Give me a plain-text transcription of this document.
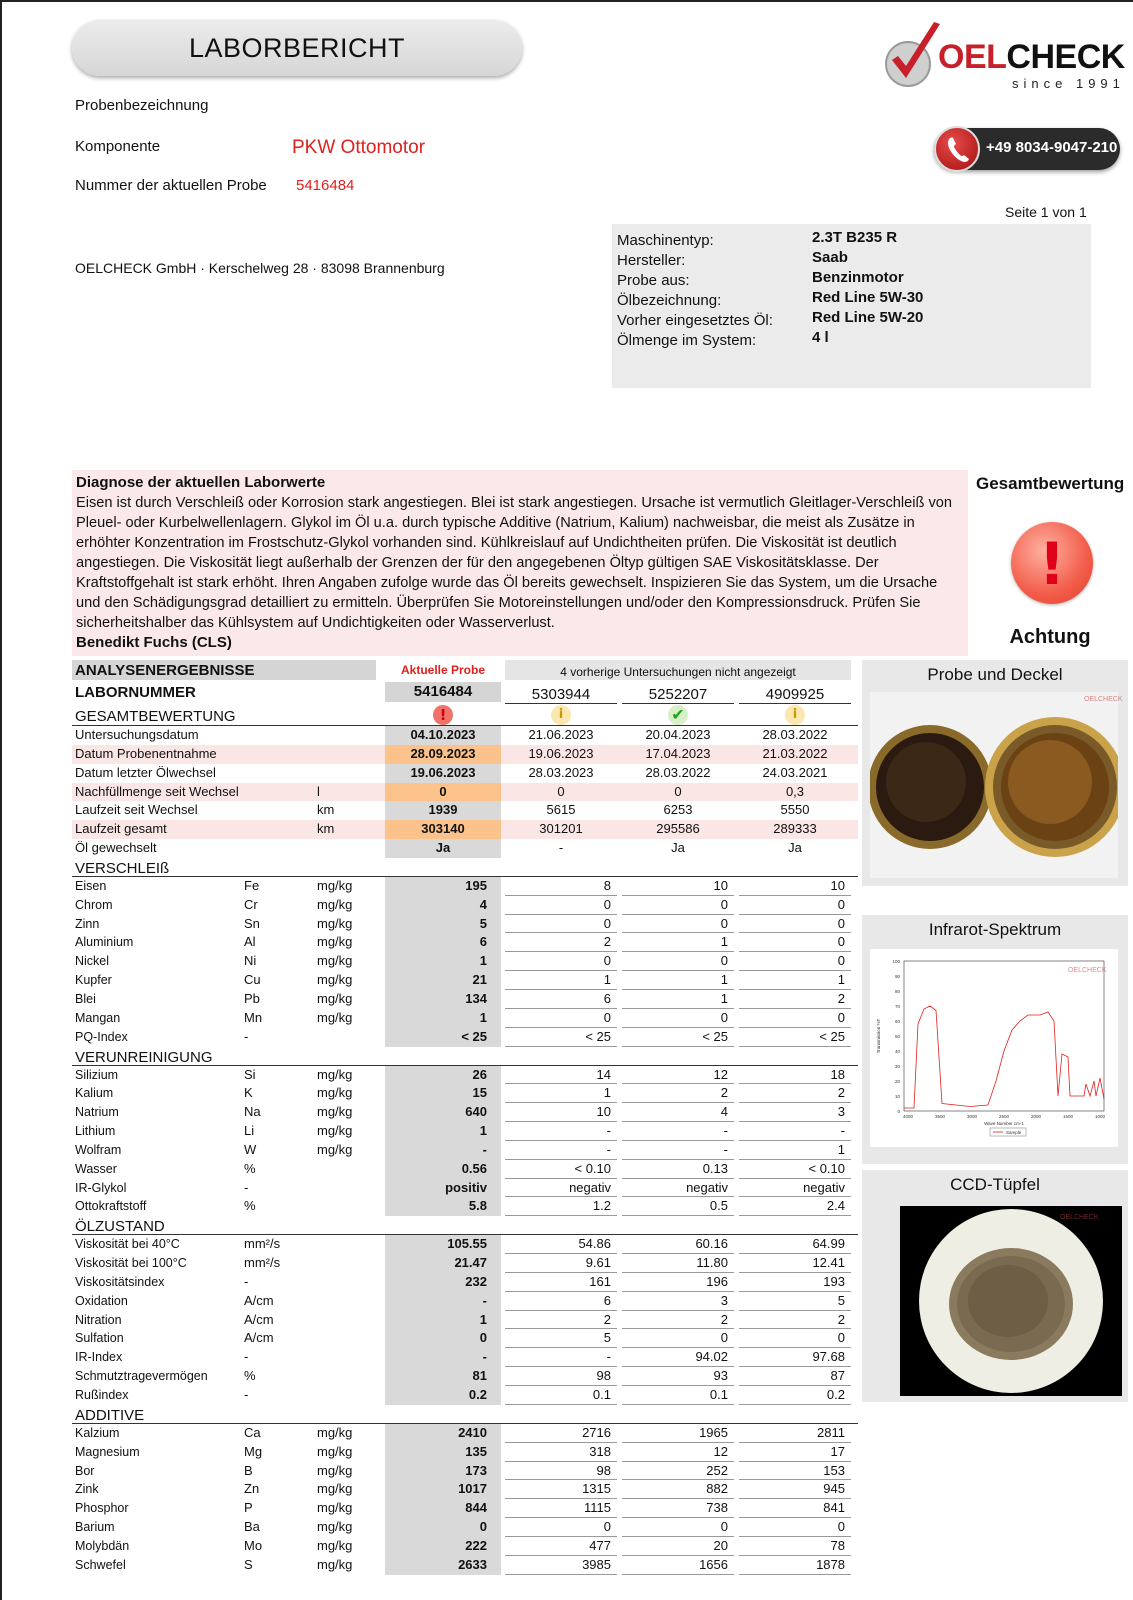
LABORBERICHT	OELCHECK
since 1991
+49 8034-9047-210
Probenbezeichnung
Komponente	PKW Ottomotor
Nummer der aktuellen Probe 5416484
Seite 1 von 1
OELCHECK GmbH · Kerschelweg 28 · 83098 Brannenburg
Maschinentyp:	2.3T B235 R
Hersteller:	Saab
Probe aus:	Benzinmotor
Ölbezeichnung:	Red Line 5W-30
Vorher eingesetztes Öl:	Red Line 5W-20
Ölmenge im System:	4 l
Diagnose der aktuellen Laborwerte

Eisen ist durch Verschleiß oder Korrosion stark angestiegen. Blei ist stark angestiegen. Ursache ist vermutlich Gleitlager-Verschleiß von Pleuel- oder Kurbelwellenlagern. Glykol im Öl u.a. durch typische Additive (Natrium, Kalium) nachweisbar, die meist als Zusätze in erhöhter Konzentration im Frostschutz-Glykol vorhanden sind. Kühlkreislauf auf Undichtheiten prüfen. Die Viskosität ist deutlich angestiegen. Die Viskosität liegt außerhalb der Grenzen der für den angegebenen Öltyp gültigen SAE Viskositätsklasse. Der Kraftstoffgehalt ist stark erhöht. Ihren Angaben zufolge wurde das Öl bereits gewechselt. Inspizieren Sie das System, um die Ursache und den Schädigungsgrad detailliert zu ermitteln. Überprüfen Sie Motoreinstellungen und/oder den Kompressionsdruck. Prüfen Sie sicherheitshalber das Kühlsystem auf Undichtigkeiten oder Wasserverlust.

Benedikt Fuchs (CLS)
Gesamtbewertung
!
Achtung
ANALYSENERGEBNISSE	Aktuelle Probe	4 vorherige Untersuchungen nicht angezeigt
LABORNUMMER	5416484	5303944	5252207	4909925
GESAMTBEWERTUNG	!	i	✔	i
Untersuchungsdatum	04.10.2023	21.06.2023	20.04.2023	28.03.2022
Datum Probenentnahme	28.09.2023	19.06.2023	17.04.2023	21.03.2022
Datum letzter Ölwechsel	19.06.2023	28.03.2023	28.03.2022	24.03.2021
Nachfüllmenge seit Wechsel	l	0	0	0	0,3
Laufzeit seit Wechsel	km	1939	5615	6253	5550
Laufzeit gesamt	km	303140	301201	295586	289333
Öl gewechselt	Ja	-	Ja	Ja
VERSCHLEIß
Eisen	Fe	mg/kg	195	8	10	10
Chrom	Cr	mg/kg	4	0	0	0
Zinn	Sn	mg/kg	5	0	0	0
Aluminium	Al	mg/kg	6	2	1	0
Nickel	Ni	mg/kg	1	0	0	0
Kupfer	Cu	mg/kg	21	1	1	1
Blei	Pb	mg/kg	134	6	1	2
Mangan	Mn	mg/kg	1	0	0	0
PQ-Index	-	< 25	< 25	< 25	< 25
VERUNREINIGUNG
Silizium	Si	mg/kg	26	14	12	18
Kalium	K	mg/kg	15	1	2	2
Natrium	Na	mg/kg	640	10	4	3
Lithium	Li	mg/kg	1	-	-	-
Wolfram	W	mg/kg	-	-	-	1
Wasser	%	0.56	< 0.10	0.13	< 0.10
IR-Glykol	-	positiv	negativ	negativ	negativ
Ottokraftstoff	%	5.8	1.2	0.5	2.4
ÖLZUSTAND
Viskosität bei 40°C	mm²/s	105.55	54.86	60.16	64.99
Viskosität bei 100°C	mm²/s	21.47	9.61	11.80	12.41
Viskositätsindex	-	232	161	196	193
Oxidation	A/cm	-	6	3	5
Nitration	A/cm	1	2	2	2
Sulfation	A/cm	0	5	0	0
IR-Index	-	-	-	94.02	97.68
Schmutztragevermögen	%	81	98	93	87
Rußindex	-	0.2	0.1	0.1	0.2
ADDITIVE
Kalzium	Ca	mg/kg	2410	2716	1965	2811
Magnesium	Mg	mg/kg	135	318	12	17
Bor	B	mg/kg	173	98	252	153
Zink	Zn	mg/kg	1017	1315	882	945
Phosphor	P	mg/kg	844	1115	738	841
Barium	Ba	mg/kg	0	0	0	0
Molybdän	Mo	mg/kg	222	477	20	78
Schwefel	S	mg/kg	2633	3985	1656	1878
Probe und Deckel
OELCHECK
Infrarot-Spektrum
100
90
80
70
60
50
40
30
20
10
0
4000	3500	3000	2500	2000	1500	1000
Transmission %T
Wave Number cm-1
Sample
OELCHECK
CCD-Tüpfel
OELCHECK
